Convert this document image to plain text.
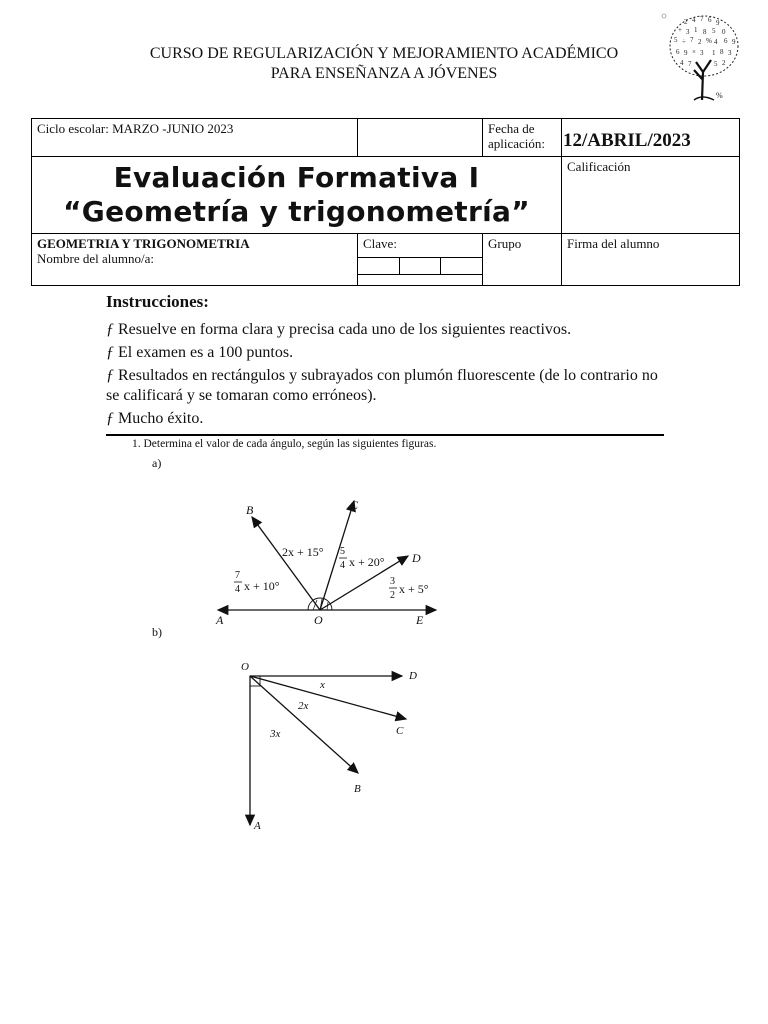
CURSO DE REGULARIZACIÓN Y MEJORAMIENTO ACADÉMICO
PARA ENSEÑANZA A JÓVENES
2 4 7 6 9
+ 3 1 8 5 0
5 ÷ 7 2 % 4 6 9
6 9 × 3 1 8 3
4 7	5 2
%
Ciclo escolar: MARZO -JUNIO 2023		Fecha de
aplicación:	12/ABRIL/2023

Evaluación Formativa I
“Geometría y trigonometría”			Calificación

GEOMETRIA Y TRIGONOMETRIA
Nombre del alumno/a:	Clave:	Grupo	Firma del alumno
Instrucciones:

ƒ Resuelve en forma clara y precisa cada uno de los siguientes reactivos.

ƒ El examen es a 100 puntos.

ƒ Resultados en rectángulos y subrayados con plumón fluorescente (de lo contrario no se calificará y se tomaran como erróneos).

ƒ Mucho éxito.

1. Determina el valor de cada ángulo, según las siguientes figuras.
a)
b)
A
B	C
D
E
O
2x + 15° 5
4 x + 20°
7
4 x + 10°	3
2 x + 5°
O
D
C
B
A
x
2x
3x
